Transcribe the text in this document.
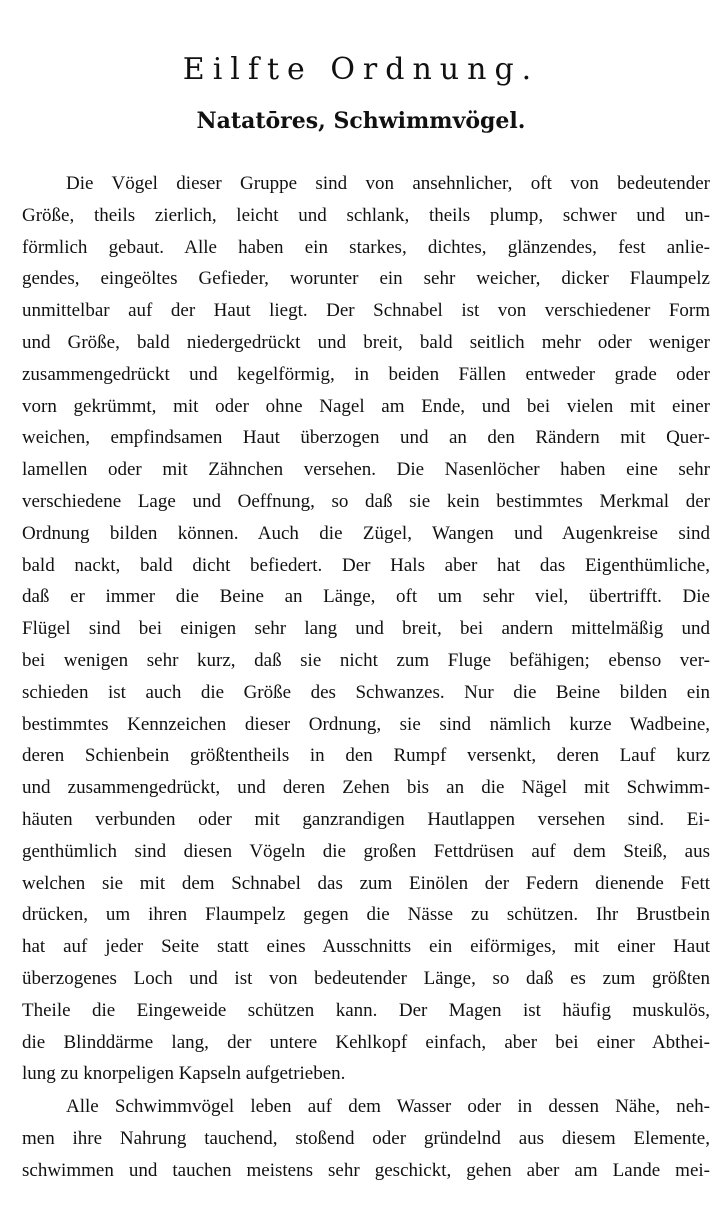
Eilfte Ordnung.
Natatōres, Schwimmvögel.
Die Vögel dieser Gruppe sind von ansehnlicher, oft von bedeutender
Größe, theils zierlich, leicht und schlank, theils plump, schwer und un-
förmlich gebaut. Alle haben ein starkes, dichtes, glänzendes, fest anlie-
gendes, eingeöltes Gefieder, worunter ein sehr weicher, dicker Flaumpelz
unmittelbar auf der Haut liegt. Der Schnabel ist von verschiedener Form
und Größe, bald niedergedrückt und breit, bald seitlich mehr oder weniger
zusammengedrückt und kegelförmig, in beiden Fällen entweder grade oder
vorn gekrümmt, mit oder ohne Nagel am Ende, und bei vielen mit einer
weichen, empfindsamen Haut überzogen und an den Rändern mit Quer-
lamellen oder mit Zähnchen versehen. Die Nasenlöcher haben eine sehr
verschiedene Lage und Oeffnung, so daß sie kein bestimmtes Merkmal der
Ordnung bilden können. Auch die Zügel, Wangen und Augenkreise sind
bald nackt, bald dicht befiedert. Der Hals aber hat das Eigenthümliche,
daß er immer die Beine an Länge, oft um sehr viel, übertrifft. Die
Flügel sind bei einigen sehr lang und breit, bei andern mittelmäßig und
bei wenigen sehr kurz, daß sie nicht zum Fluge befähigen; ebenso ver-
schieden ist auch die Größe des Schwanzes. Nur die Beine bilden ein
bestimmtes Kennzeichen dieser Ordnung, sie sind nämlich kurze Wadbeine,
deren Schienbein größtentheils in den Rumpf versenkt, deren Lauf kurz
und zusammengedrückt, und deren Zehen bis an die Nägel mit Schwimm-
häuten verbunden oder mit ganzrandigen Hautlappen versehen sind. Ei-
genthümlich sind diesen Vögeln die großen Fettdrüsen auf dem Steiß, aus
welchen sie mit dem Schnabel das zum Einölen der Federn dienende Fett
drücken, um ihren Flaumpelz gegen die Nässe zu schützen. Ihr Brustbein
hat auf jeder Seite statt eines Ausschnitts ein eiförmiges, mit einer Haut
überzogenes Loch und ist von bedeutender Länge, so daß es zum größten
Theile die Eingeweide schützen kann. Der Magen ist häufig muskulös,
die Blinddärme lang, der untere Kehlkopf einfach, aber bei einer Abthei-
lung zu knorpeligen Kapseln aufgetrieben.
Alle Schwimmvögel leben auf dem Wasser oder in dessen Nähe, neh-
men ihre Nahrung tauchend, stoßend oder gründelnd aus diesem Elemente,
schwimmen und tauchen meistens sehr geschickt, gehen aber am Lande mei-
